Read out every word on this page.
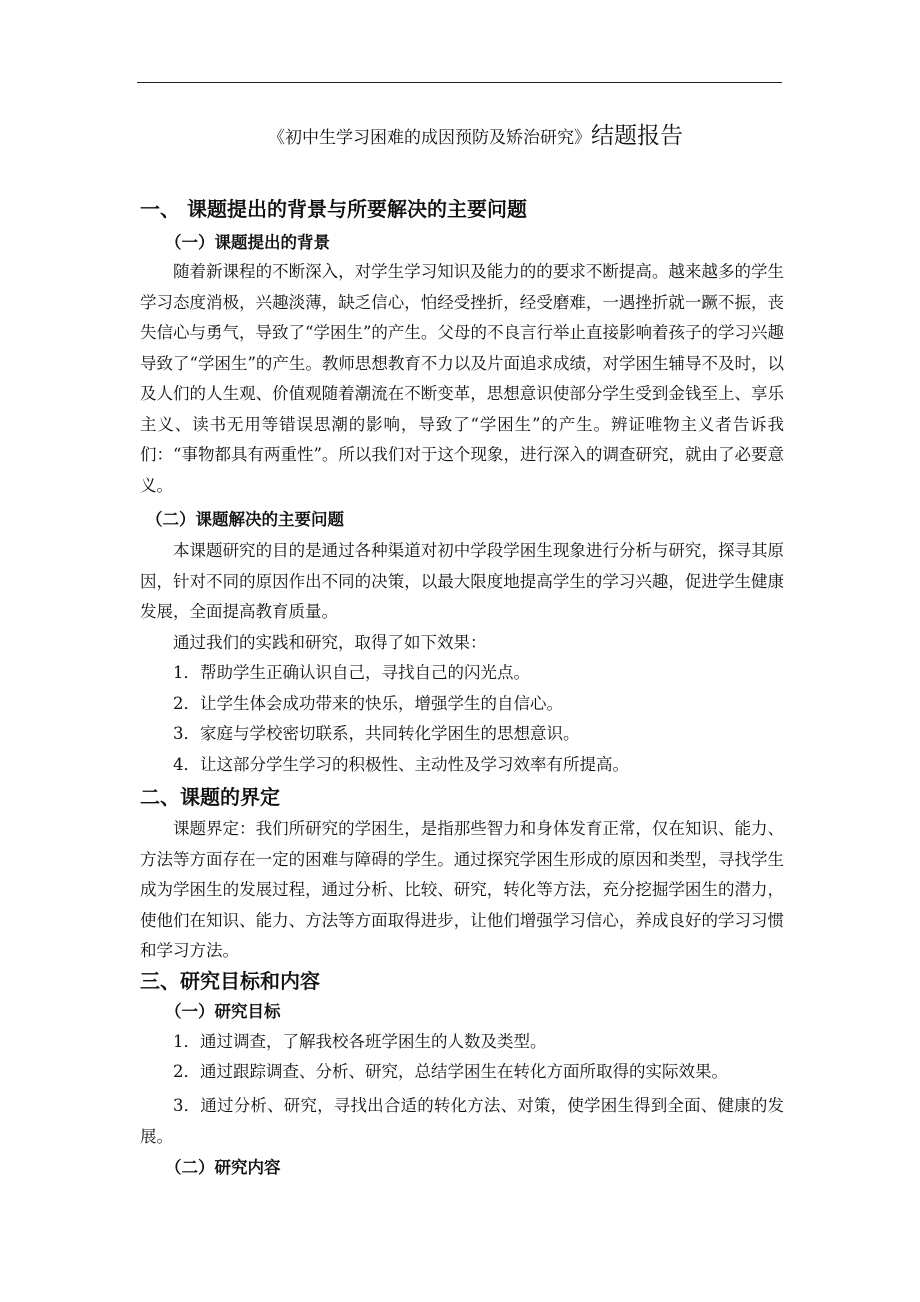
《初中生学习困难的成因预防及矫治研究》结题报告
一、 课题提出的背景与所要解决的主要问题
（一）课题提出的背景

随着新课程的不断深入，对学生学习知识及能力的的要求不断提高。越来越多的学生学习态度消极，兴趣淡薄，缺乏信心，怕经受挫折，经受磨难，一遇挫折就一蹶不振，丧失信心与勇气，导致了“学困生”的产生。父母的不良言行举止直接影响着孩子的学习兴趣导致了“学困生”的产生。教师思想教育不力以及片面追求成绩，对学困生辅导不及时，以及人们的人生观、价值观随着潮流在不断变革，思想意识使部分学生受到金钱至上、享乐主义、读书无用等错误思潮的影响，导致了“学困生”的产生。辨证唯物主义者告诉我们：“事物都具有两重性”。所以我们对于这个现象，进行深入的调查研究，就由了必要意义。

（二）课题解决的主要问题

本课题研究的目的是通过各种渠道对初中学段学困生现象进行分析与研究，探寻其原因，针对不同的原因作出不同的决策，以最大限度地提高学生的学习兴趣，促进学生健康发展，全面提高教育质量。

通过我们的实践和研究，取得了如下效果：
1．帮助学生正确认识自己，寻找自己的闪光点。
2．让学生体会成功带来的快乐，增强学生的自信心。
3．家庭与学校密切联系，共同转化学困生的思想意识。
4．让这部分学生学习的积极性、主动性及学习效率有所提高。
二、课题的界定

课题界定：我们所研究的学困生，是指那些智力和身体发育正常，仅在知识、能力、方法等方面存在一定的困难与障碍的学生。通过探究学困生形成的原因和类型，寻找学生成为学困生的发展过程，通过分析、比较、研究，转化等方法，充分挖掘学困生的潜力，使他们在知识、能力、方法等方面取得进步，让他们增强学习信心，养成良好的学习习惯和学习方法。

三、研究目标和内容
（一）研究目标
1．通过调查，了解我校各班学困生的人数及类型。
2．通过跟踪调查、分析、研究，总结学困生在转化方面所取得的实际效果。

3．通过分析、研究，寻找出合适的转化方法、对策，使学困生得到全面、健康的发展。

（二）研究内容
